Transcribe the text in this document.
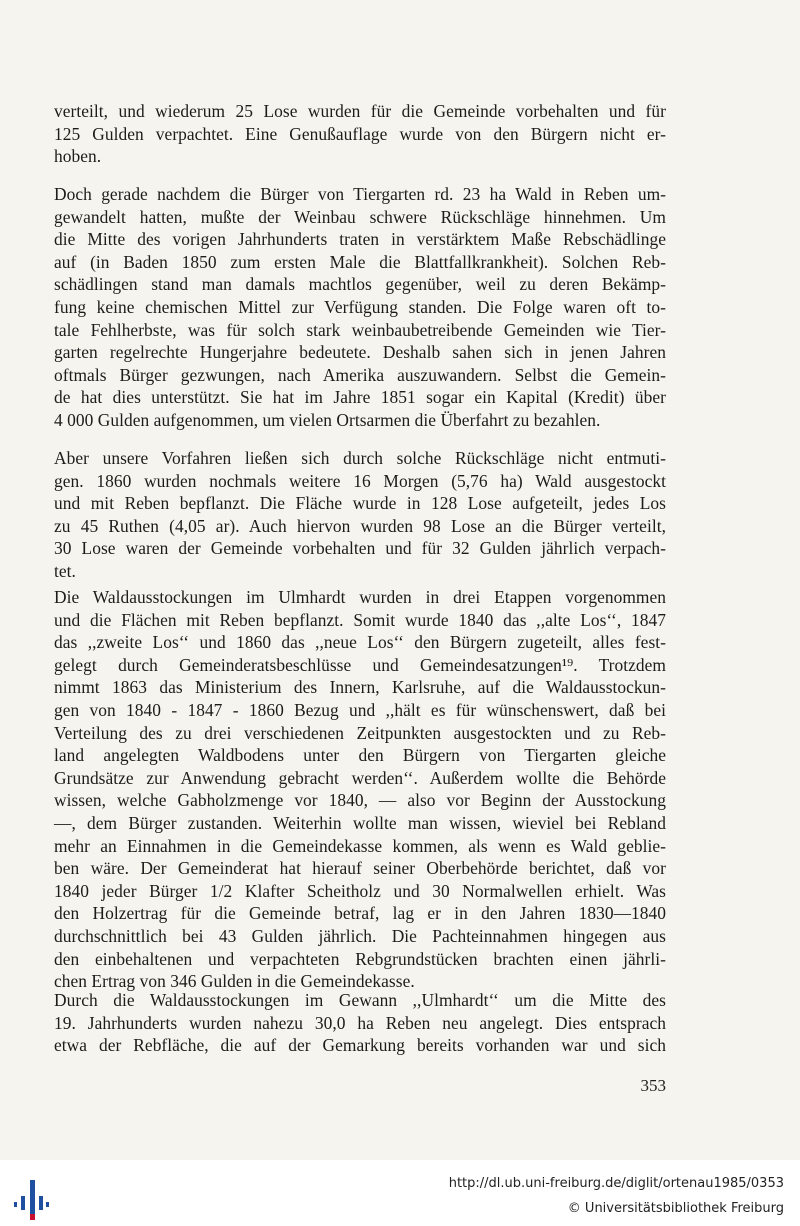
verteilt, und wiederum 25 Lose wurden für die Gemeinde vorbehalten und für
125 Gulden verpachtet. Eine Genußauflage wurde von den Bürgern nicht er-
hoben.
Doch gerade nachdem die Bürger von Tiergarten rd. 23 ha Wald in Reben um-
gewandelt hatten, mußte der Weinbau schwere Rückschläge hinnehmen. Um
die Mitte des vorigen Jahrhunderts traten in verstärktem Maße Rebschädlinge
auf (in Baden 1850 zum ersten Male die Blattfallkrankheit). Solchen Reb-
schädlingen stand man damals machtlos gegenüber, weil zu deren Bekämp-
fung keine chemischen Mittel zur Verfügung standen. Die Folge waren oft to-
tale Fehlherbste, was für solch stark weinbaubetreibende Gemeinden wie Tier-
garten regelrechte Hungerjahre bedeutete. Deshalb sahen sich in jenen Jahren
oftmals Bürger gezwungen, nach Amerika auszuwandern. Selbst die Gemein-
de hat dies unterstützt. Sie hat im Jahre 1851 sogar ein Kapital (Kredit) über
4 000 Gulden aufgenommen, um vielen Ortsarmen die Überfahrt zu bezahlen.
Aber unsere Vorfahren ließen sich durch solche Rückschläge nicht entmuti-
gen. 1860 wurden nochmals weitere 16 Morgen (5,76 ha) Wald ausgestockt
und mit Reben bepflanzt. Die Fläche wurde in 128 Lose aufgeteilt, jedes Los
zu 45 Ruthen (4,05 ar). Auch hiervon wurden 98 Lose an die Bürger verteilt,
30 Lose waren der Gemeinde vorbehalten und für 32 Gulden jährlich verpach-
tet.
Die Waldausstockungen im Ulmhardt wurden in drei Etappen vorgenommen
und die Flächen mit Reben bepflanzt. Somit wurde 1840 das ,,alte Los‘‘, 1847
das ,,zweite Los‘‘ und 1860 das ,,neue Los‘‘ den Bürgern zugeteilt, alles fest-
gelegt durch Gemeinderatsbeschlüsse und Gemeindesatzungen¹⁹. Trotzdem
nimmt 1863 das Ministerium des Innern, Karlsruhe, auf die Waldausstockun-
gen von 1840 - 1847 - 1860 Bezug und ,,hält es für wünschenswert, daß bei
Verteilung des zu drei verschiedenen Zeitpunkten ausgestockten und zu Reb-
land angelegten Waldbodens unter den Bürgern von Tiergarten gleiche
Grundsätze zur Anwendung gebracht werden‘‘. Außerdem wollte die Behörde
wissen, welche Gabholzmenge vor 1840, — also vor Beginn der Ausstockung
—, dem Bürger zustanden. Weiterhin wollte man wissen, wieviel bei Rebland
mehr an Einnahmen in die Gemeindekasse kommen, als wenn es Wald geblie-
ben wäre. Der Gemeinderat hat hierauf seiner Oberbehörde berichtet, daß vor
1840 jeder Bürger 1/2 Klafter Scheitholz und 30 Normalwellen erhielt. Was
den Holzertrag für die Gemeinde betraf, lag er in den Jahren 1830—1840
durchschnittlich bei 43 Gulden jährlich. Die Pachteinnahmen hingegen aus
den einbehaltenen und verpachteten Rebgrundstücken brachten einen jährli-
chen Ertrag von 346 Gulden in die Gemeindekasse.
Durch die Waldausstockungen im Gewann ,,Ulmhardt‘‘ um die Mitte des
19. Jahrhunderts wurden nahezu 30,0 ha Reben neu angelegt. Dies entsprach
etwa der Rebfläche, die auf der Gemarkung bereits vorhanden war und sich
353
http://dl.ub.uni-freiburg.de/diglit/ortenau1985/0353
© Universitätsbibliothek Freiburg
